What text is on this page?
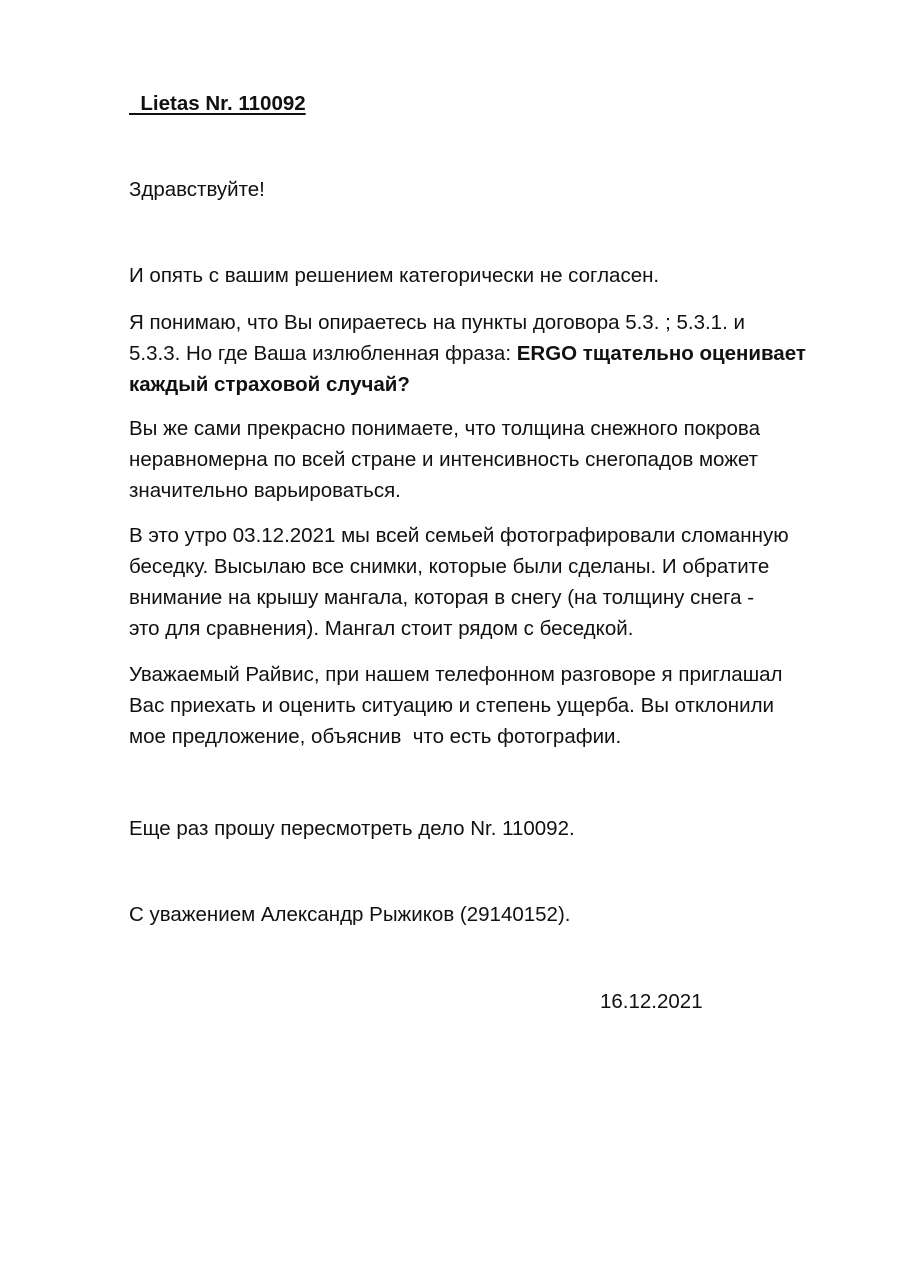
Lietas Nr. 110092

Здравствуйте!

И опять с вашим решением категорически не согласен.

Я понимаю, что Вы опираетесь на пункты договора 5.3. ; 5.3.1. и
5.3.3. Но где Ваша излюбленная фраза: ERGO тщательно оценивает
каждый страховой случай?
Вы же сами прекрасно понимаете, что толщина снежного покрова
неравномерна по всей стране и интенсивность снегопадов может
значительно варьироваться.
В это утро 03.12.2021 мы всей семьей фотографировали сломанную
беседку. Высылаю все снимки, которые были сделаны. И обратите
внимание на крышу мангала, которая в снегу (на толщину снега -
это для сравнения). Мангал стоит рядом с беседкой.
Уважаемый Райвис, при нашем телефонном разговоре я приглашал
Вас приехать и оценить ситуацию и степень ущерба. Вы отклонили
мое предложение, объяснив  что есть фотографии.

Еще раз прошу пересмотреть дело Nr. 110092.

С уважением Александр Рыжиков (29140152).

16.12.2021
